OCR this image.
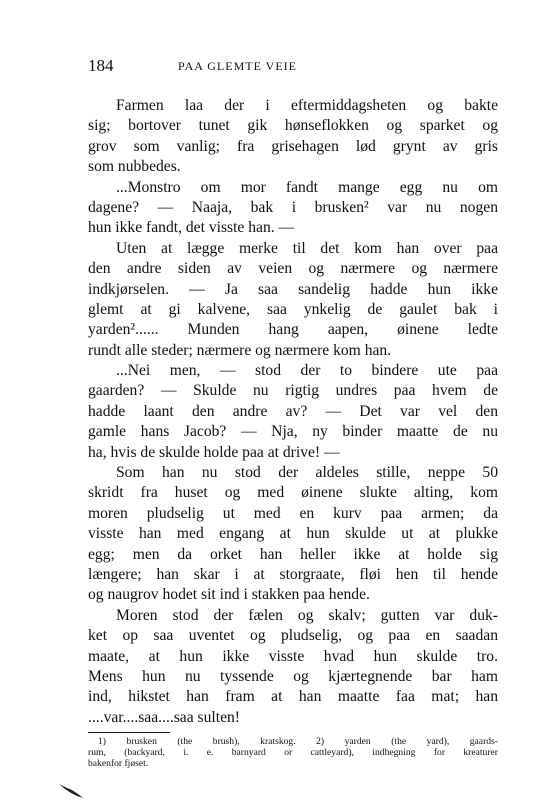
184	PAA GLEMTE VEIE
Farmen laa der i eftermiddagsheten og bakte
sig; bortover tunet gik hønseflokken og sparket og
grov som vanlig; fra grisehagen lød grynt av gris
som nubbedes.
...Monstro om mor fandt mange egg nu om
dagene? — Naaja, bak i brusken² var nu nogen
hun ikke fandt, det visste han. —
Uten at lægge merke til det kom han over paa
den andre siden av veien og nærmere og nærmere
indkjørselen. — Ja saa sandelig hadde hun ikke
glemt at gi kalvene, saa ynkelig de gaulet bak i
yarden²...... Munden hang aapen, øinene ledte
rundt alle steder; nærmere og nærmere kom han.
...Nei men, — stod der to bindere ute paa
gaarden? — Skulde nu rigtig undres paa hvem de
hadde laant den andre av? — Det var vel den
gamle hans Jacob? — Nja, ny binder maatte de nu
ha, hvis de skulde holde paa at drive! —
Som han nu stod der aldeles stille, neppe 50
skridt fra huset og med øinene slukte alting, kom
moren pludselig ut med en kurv paa armen; da
visste han med engang at hun skulde ut at plukke
egg; men da orket han heller ikke at holde sig
længere; han skar i at storgraate, fløi hen til hende
og naugrov hodet sit ind i stakken paa hende.
Moren stod der fælen og skalv; gutten var duk-
ket op saa uventet og pludselig, og paa en saadan
maate, at hun ikke visste hvad hun skulde tro.
Mens hun nu tyssende og kjærtegnende bar ham
ind, hikstet han fram at han maatte faa mat; han
....var....saa....saa sulten!
1) brusken (the brush), kratskog. 2) yarden (the yard), gaards-
rum, (backyard, i. e. barnyard or cattleyard), indhegning for kreaturer
bakenfor fjøset.
